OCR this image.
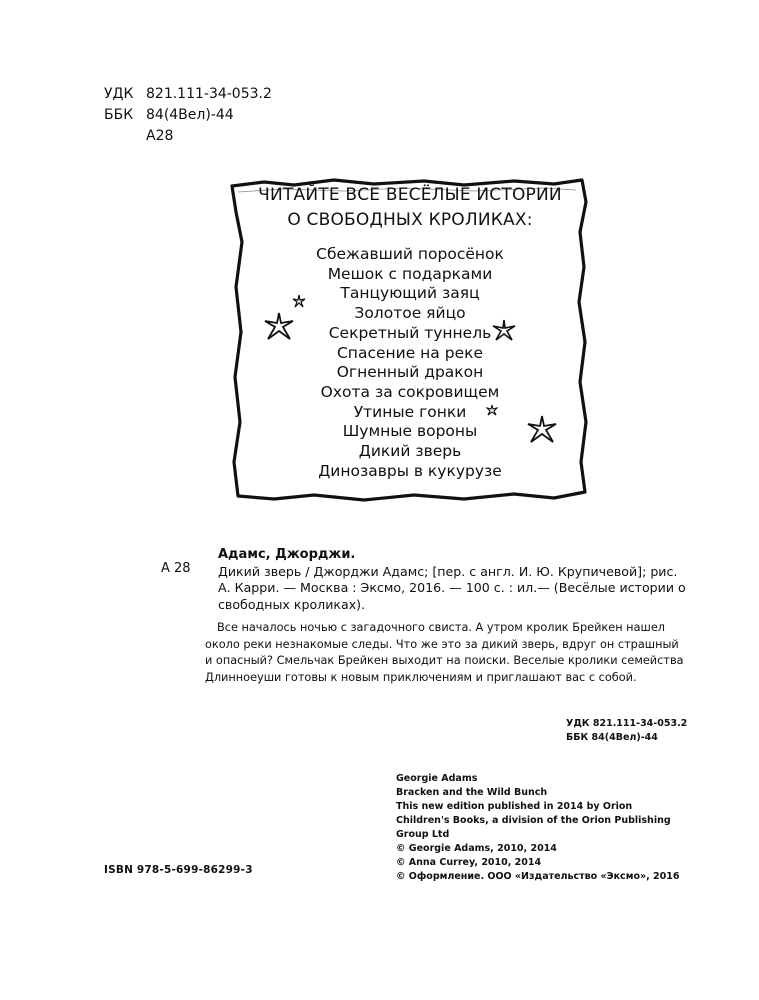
УДК 821.111-34-053.2
ББК 84(4Вел)-44
А28
ЧИТАЙТЕ ВСЕ ВЕСЁЛЫЕ ИСТОРИИ
О СВОБОДНЫХ КРОЛИКАХ:
Сбежавший поросёнок
Мешок с подарками
Танцующий заяц
Золотое яйцо
Секретный туннель
Спасение на реке
Огненный дракон
Охота за сокровищем
Утиные гонки
Шумные вороны
Дикий зверь
Динозавры в кукурузе
А 28
Адамс, Джорджи.
Дикий зверь / Джорджи Адамс; [пер. с англ. И. Ю. Крупичевой]; рис. А. Карри. — Москва : Эксмо, 2016. — 100 с. : ил.— (Весёлые истории о свободных кроликах).
Все началось ночью с загадочного свиста. А утром кролик Брейкен нашел около реки незнакомые следы. Что же это за дикий зверь, вдруг он страшный и опасный? Смельчак Брейкен выходит на поиски. Веселые кролики семейства Длинноеуши готовы к новым приключениям и приглашают вас с собой.
УДК 821.111-34-053.2
ББК 84(4Вел)-44
Georgie Adams
Bracken and the Wild Bunch
This new edition published in 2014 by Orion
Children's Books, a division of the Orion Publishing
Group Ltd
© Georgie Adams, 2010, 2014
© Anna Currey, 2010, 2014
© Оформление. ООО «Издательство «Эксмо», 2016
ISBN 978-5-699-86299-3
